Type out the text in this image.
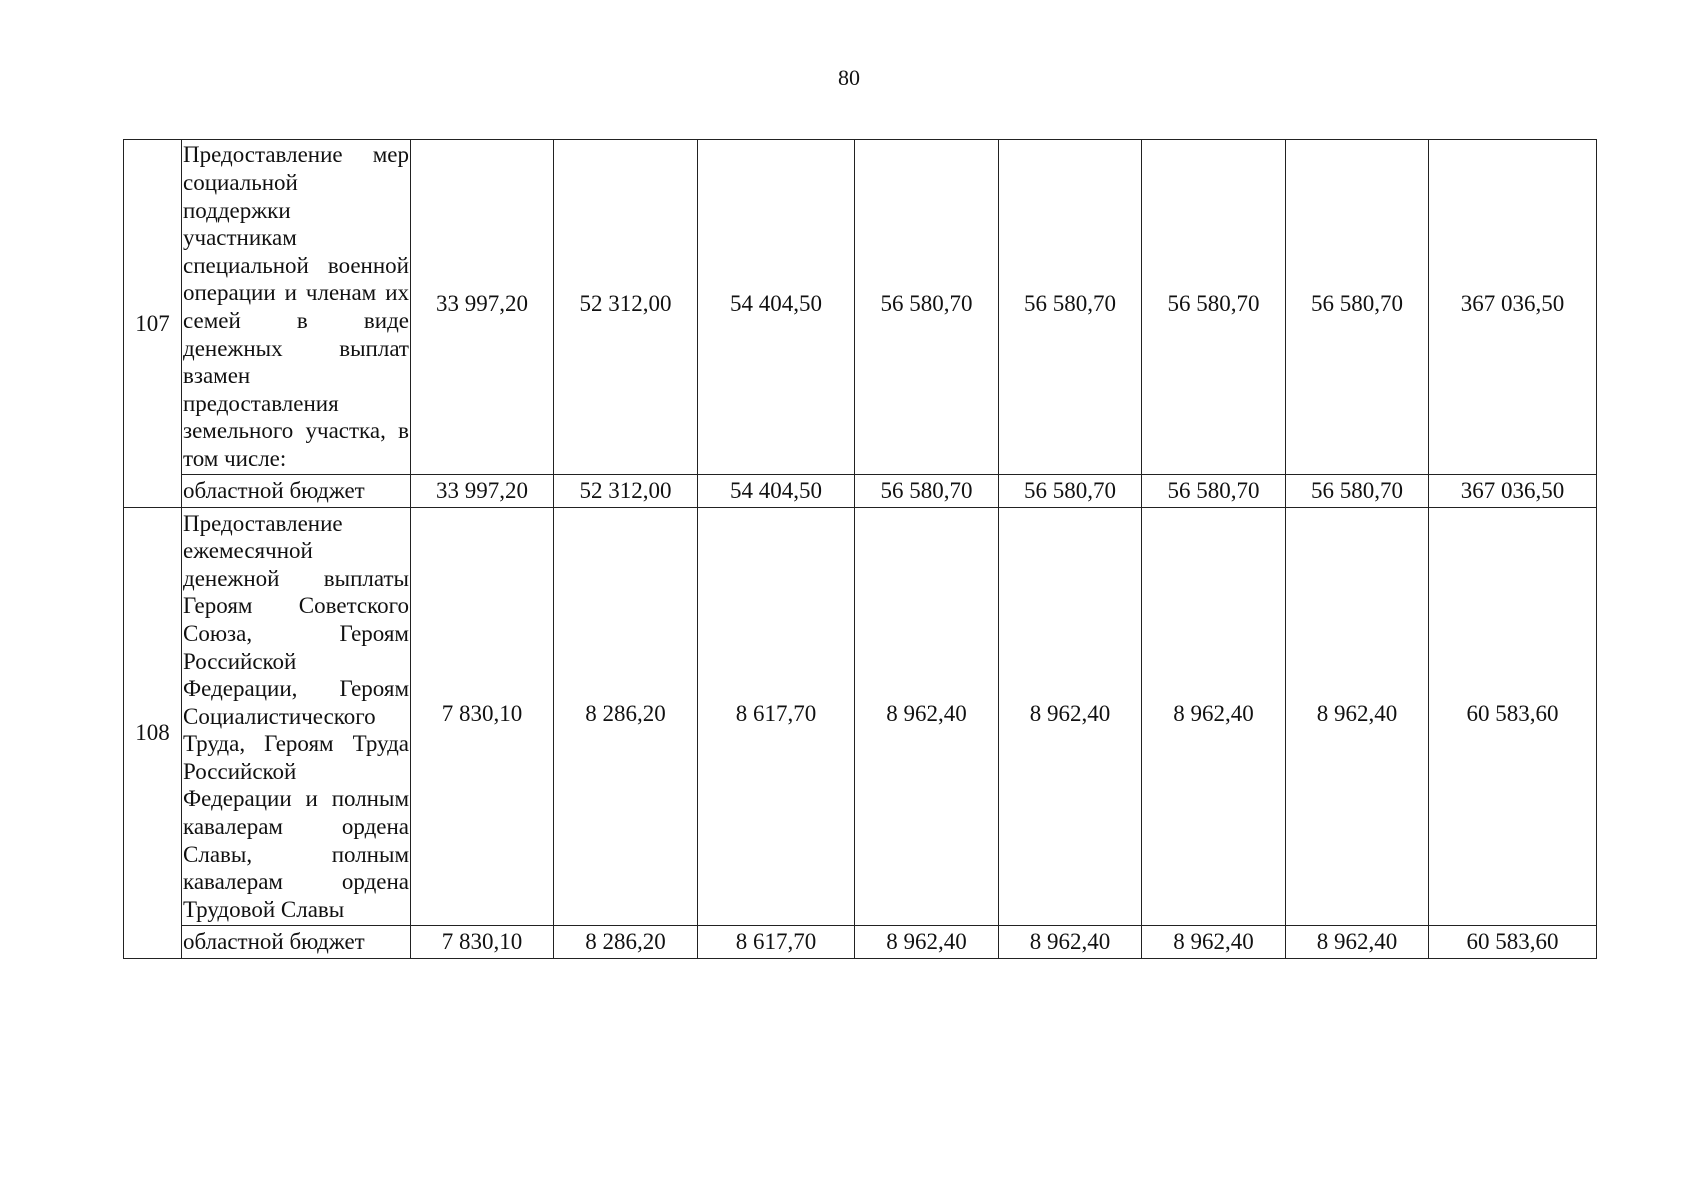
80
107	Предоставление мер социальной поддержки участникам специальной военной операции и членам их семей в виде денежных выплат взамен предоставления земельного участка, в том числе:	33 997,20	52 312,00	54 404,50	56 580,70	56 580,70	56 580,70	56 580,70	367 036,50
	областной бюджет	33 997,20	52 312,00	54 404,50	56 580,70	56 580,70	56 580,70	56 580,70	367 036,50
108	Предоставление ежемесячной денежной выплаты Героям Советского Союза, Героям Российской Федерации, Героям Социалистического Труда, Героям Труда Российской Федерации и полным кавалерам ордена Славы, полным кавалерам ордена Трудовой Славы	7 830,10	8 286,20	8 617,70	8 962,40	8 962,40	8 962,40	8 962,40	60 583,60
	областной бюджет	7 830,10	8 286,20	8 617,70	8 962,40	8 962,40	8 962,40	8 962,40	60 583,60
